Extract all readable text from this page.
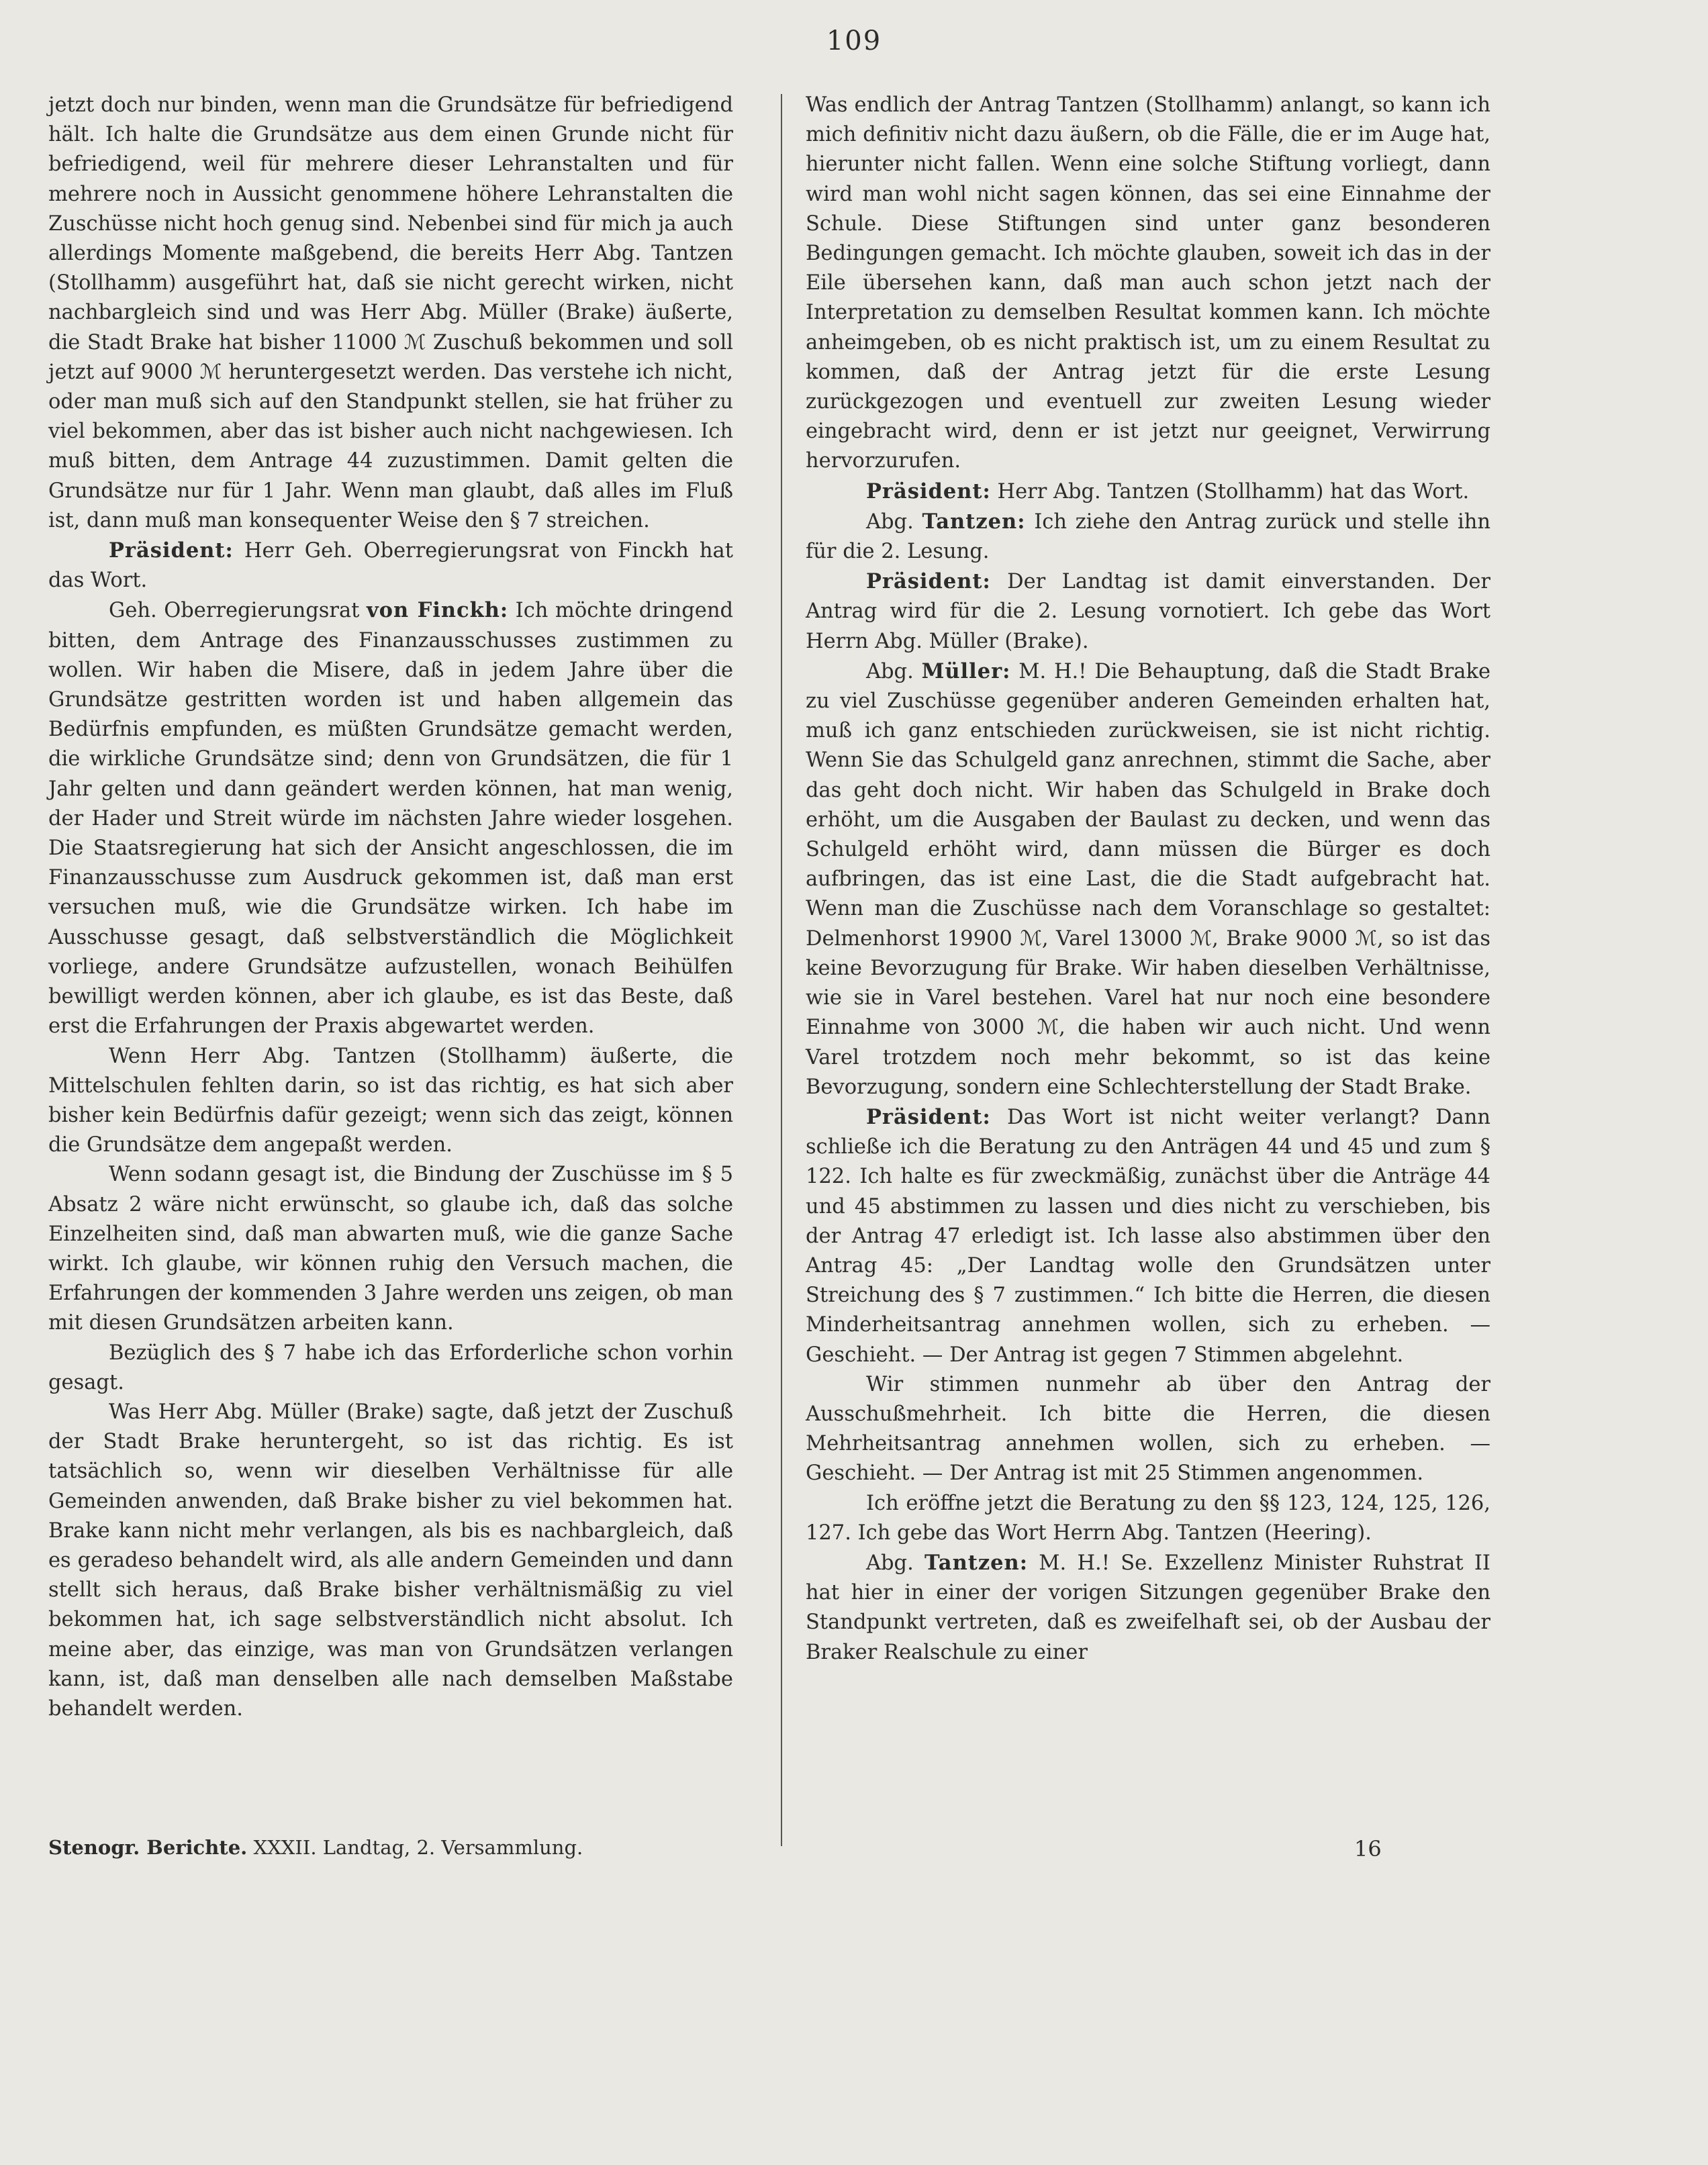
109

jetzt doch nur binden, wenn man die Grundsätze für befriedigend hält. Ich halte die Grundsätze aus dem einen Grunde nicht für befriedigend, weil für mehrere dieser Lehranstalten und für mehrere noch in Aussicht genommene höhere Lehranstalten die Zuschüsse nicht hoch genug sind. Nebenbei sind für mich ja auch allerdings Momente maßgebend, die bereits Herr Abg. Tantzen (Stollhamm) ausgeführt hat, daß sie nicht gerecht wirken, nicht nachbargleich sind und was Herr Abg. Müller (Brake) äußerte, die Stadt Brake hat bisher 11000 ℳ Zuschuß bekommen und soll jetzt auf 9000 ℳ heruntergesetzt werden. Das verstehe ich nicht, oder man muß sich auf den Standpunkt stellen, sie hat früher zu viel bekommen, aber das ist bisher auch nicht nachgewiesen. Ich muß bitten, dem Antrage 44 zuzustimmen. Damit gelten die Grundsätze nur für 1 Jahr. Wenn man glaubt, daß alles im Fluß ist, dann muß man konsequenter Weise den § 7 streichen.

Präsident: Herr Geh. Oberregierungsrat von Finckh hat das Wort.

Geh. Oberregierungsrat von Finckh: Ich möchte dringend bitten, dem Antrage des Finanzausschusses zustimmen zu wollen. Wir haben die Misere, daß in jedem Jahre über die Grundsätze gestritten worden ist und haben allgemein das Bedürfnis empfunden, es müßten Grundsätze gemacht werden, die wirkliche Grundsätze sind; denn von Grundsätzen, die für 1 Jahr gelten und dann geändert werden können, hat man wenig, der Hader und Streit würde im nächsten Jahre wieder losgehen. Die Staatsregierung hat sich der Ansicht angeschlossen, die im Finanzausschusse zum Ausdruck gekommen ist, daß man erst versuchen muß, wie die Grundsätze wirken. Ich habe im Ausschusse gesagt, daß selbstverständlich die Möglichkeit vorliege, andere Grundsätze aufzustellen, wonach Beihülfen bewilligt werden können, aber ich glaube, es ist das Beste, daß erst die Erfahrungen der Praxis abgewartet werden.

Wenn Herr Abg. Tantzen (Stollhamm) äußerte, die Mittelschulen fehlten darin, so ist das richtig, es hat sich aber bisher kein Bedürfnis dafür gezeigt; wenn sich das zeigt, können die Grundsätze dem angepaßt werden.

Wenn sodann gesagt ist, die Bindung der Zuschüsse im § 5 Absatz 2 wäre nicht erwünscht, so glaube ich, daß das solche Einzelheiten sind, daß man abwarten muß, wie die ganze Sache wirkt. Ich glaube, wir können ruhig den Versuch machen, die Erfahrungen der kommenden 3 Jahre werden uns zeigen, ob man mit diesen Grundsätzen arbeiten kann.

Bezüglich des § 7 habe ich das Erforderliche schon vorhin gesagt.

Was Herr Abg. Müller (Brake) sagte, daß jetzt der Zuschuß der Stadt Brake heruntergeht, so ist das richtig. Es ist tatsächlich so, wenn wir dieselben Verhältnisse für alle Gemeinden anwenden, daß Brake bisher zu viel bekommen hat. Brake kann nicht mehr verlangen, als bis es nachbargleich, daß es geradeso behandelt wird, als alle andern Gemeinden und dann stellt sich heraus, daß Brake bisher verhältnismäßig zu viel bekommen hat, ich sage selbstverständlich nicht absolut. Ich meine aber, das einzige, was man von Grundsätzen verlangen kann, ist, daß man denselben alle nach demselben Maßstabe behandelt werden.

Was endlich der Antrag Tantzen (Stollhamm) anlangt, so kann ich mich definitiv nicht dazu äußern, ob die Fälle, die er im Auge hat, hierunter nicht fallen. Wenn eine solche Stiftung vorliegt, dann wird man wohl nicht sagen können, das sei eine Einnahme der Schule. Diese Stiftungen sind unter ganz besonderen Bedingungen gemacht. Ich möchte glauben, soweit ich das in der Eile übersehen kann, daß man auch schon jetzt nach der Interpretation zu demselben Resultat kommen kann. Ich möchte anheimgeben, ob es nicht praktisch ist, um zu einem Resultat zu kommen, daß der Antrag jetzt für die erste Lesung zurückgezogen und eventuell zur zweiten Lesung wieder eingebracht wird, denn er ist jetzt nur geeignet, Verwirrung hervorzurufen.

Präsident: Herr Abg. Tantzen (Stollhamm) hat das Wort.

Abg. Tantzen: Ich ziehe den Antrag zurück und stelle ihn für die 2. Lesung.

Präsident: Der Landtag ist damit einverstanden. Der Antrag wird für die 2. Lesung vornotiert. Ich gebe das Wort Herrn Abg. Müller (Brake).

Abg. Müller: M. H.! Die Behauptung, daß die Stadt Brake zu viel Zuschüsse gegenüber anderen Gemeinden erhalten hat, muß ich ganz entschieden zurückweisen, sie ist nicht richtig. Wenn Sie das Schulgeld ganz anrechnen, stimmt die Sache, aber das geht doch nicht. Wir haben das Schulgeld in Brake doch erhöht, um die Ausgaben der Baulast zu decken, und wenn das Schulgeld erhöht wird, dann müssen die Bürger es doch aufbringen, das ist eine Last, die die Stadt aufgebracht hat. Wenn man die Zuschüsse nach dem Voranschlage so gestaltet: Delmenhorst 19900 ℳ, Varel 13000 ℳ, Brake 9000 ℳ, so ist das keine Bevorzugung für Brake. Wir haben dieselben Verhältnisse, wie sie in Varel bestehen. Varel hat nur noch eine besondere Einnahme von 3000 ℳ, die haben wir auch nicht. Und wenn Varel trotzdem noch mehr bekommt, so ist das keine Bevorzugung, sondern eine Schlechterstellung der Stadt Brake.

Präsident: Das Wort ist nicht weiter verlangt? Dann schließe ich die Beratung zu den Anträgen 44 und 45 und zum § 122. Ich halte es für zweckmäßig, zunächst über die Anträge 44 und 45 abstimmen zu lassen und dies nicht zu verschieben, bis der Antrag 47 erledigt ist. Ich lasse also abstimmen über den Antrag 45: „Der Landtag wolle den Grundsätzen unter Streichung des § 7 zustimmen.“ Ich bitte die Herren, die diesen Minderheitsantrag annehmen wollen, sich zu erheben. — Geschieht. — Der Antrag ist gegen 7 Stimmen abgelehnt.

Wir stimmen nunmehr ab über den Antrag der Ausschußmehrheit. Ich bitte die Herren, die diesen Mehrheitsantrag annehmen wollen, sich zu erheben. — Geschieht. — Der Antrag ist mit 25 Stimmen angenommen.

Ich eröffne jetzt die Beratung zu den §§ 123, 124, 125, 126, 127. Ich gebe das Wort Herrn Abg. Tantzen (Heering).

Abg. Tantzen: M. H.! Se. Exzellenz Minister Ruhstrat II hat hier in einer der vorigen Sitzungen gegenüber Brake den Standpunkt vertreten, daß es zweifelhaft sei, ob der Ausbau der Braker Realschule zu einer

Stenogr. Berichte. XXXII. Landtag, 2. Versammlung.	16
